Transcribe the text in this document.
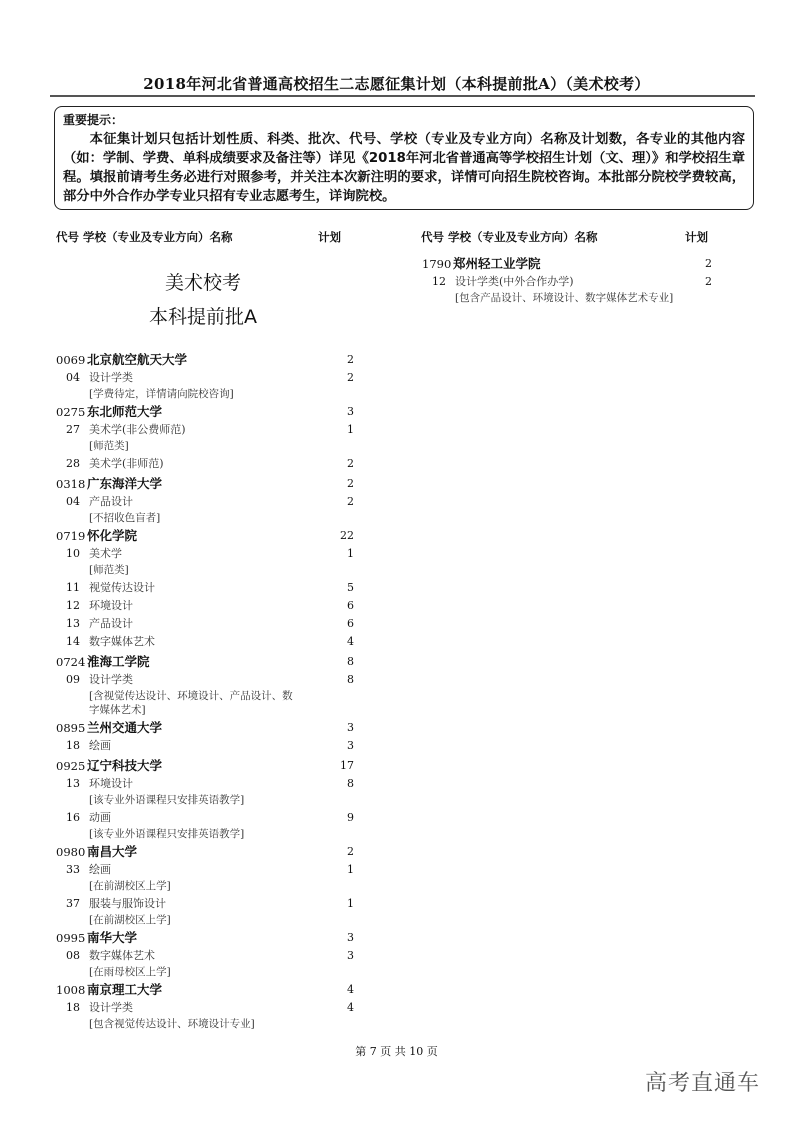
2018年河北省普通高校招生二志愿征集计划（本科提前批A）（美术校考）
重要提示：
本征集计划只包括计划性质、科类、批次、代号、学校（专业及专业方向）名称及计划数，各专业的其他内容（如：学制、学费、单科成绩要求及备注等）详见《2018年河北省普通高等学校招生计划（文、理）》和学校招生章程。填报前请考生务必进行对照参考，并关注本次新注明的要求，详情可向招生院校咨询。本批部分院校学费较高，部分中外合作办学专业只招有专业志愿考生，详询院校。
代号 学校（专业及专业方向）名称	计划	代号 学校（专业及专业方向）名称	计划
美术校考
本科提前批A
0069 北京航空航天大学	2
04 设计学类	2
[学费待定，详情请向院校咨询]
0275 东北师范大学	3
27 美术学(非公费师范)	1
[师范类]
28 美术学(非师范)	2
0318 广东海洋大学	2
04 产品设计	2
[不招收色盲者]
0719 怀化学院	22
10 美术学	1
[师范类]
11 视觉传达设计	5
12 环境设计	6
13 产品设计	6
14 数字媒体艺术	4
0724 淮海工学院	8
09 设计学类	8
[含视觉传达设计、环境设计、产品设计、数字媒体艺术]
0895 兰州交通大学	3
18 绘画	3
0925 辽宁科技大学	17
13 环境设计	8
[该专业外语课程只安排英语教学]
16 动画	9
[该专业外语课程只安排英语教学]
0980 南昌大学	2
33 绘画	1
[在前湖校区上学]
37 服装与服饰设计	1
[在前湖校区上学]
0995 南华大学	3
08 数字媒体艺术	3
[在雨母校区上学]
1008 南京理工大学	4
18 设计学类	4
[包含视觉传达设计、环境设计专业]
1790 郑州轻工业学院	2
12 设计学类(中外合作办学)	2
[包含产品设计、环境设计、数字媒体艺术专业]
第 7 页 共 10 页
高考直通车
